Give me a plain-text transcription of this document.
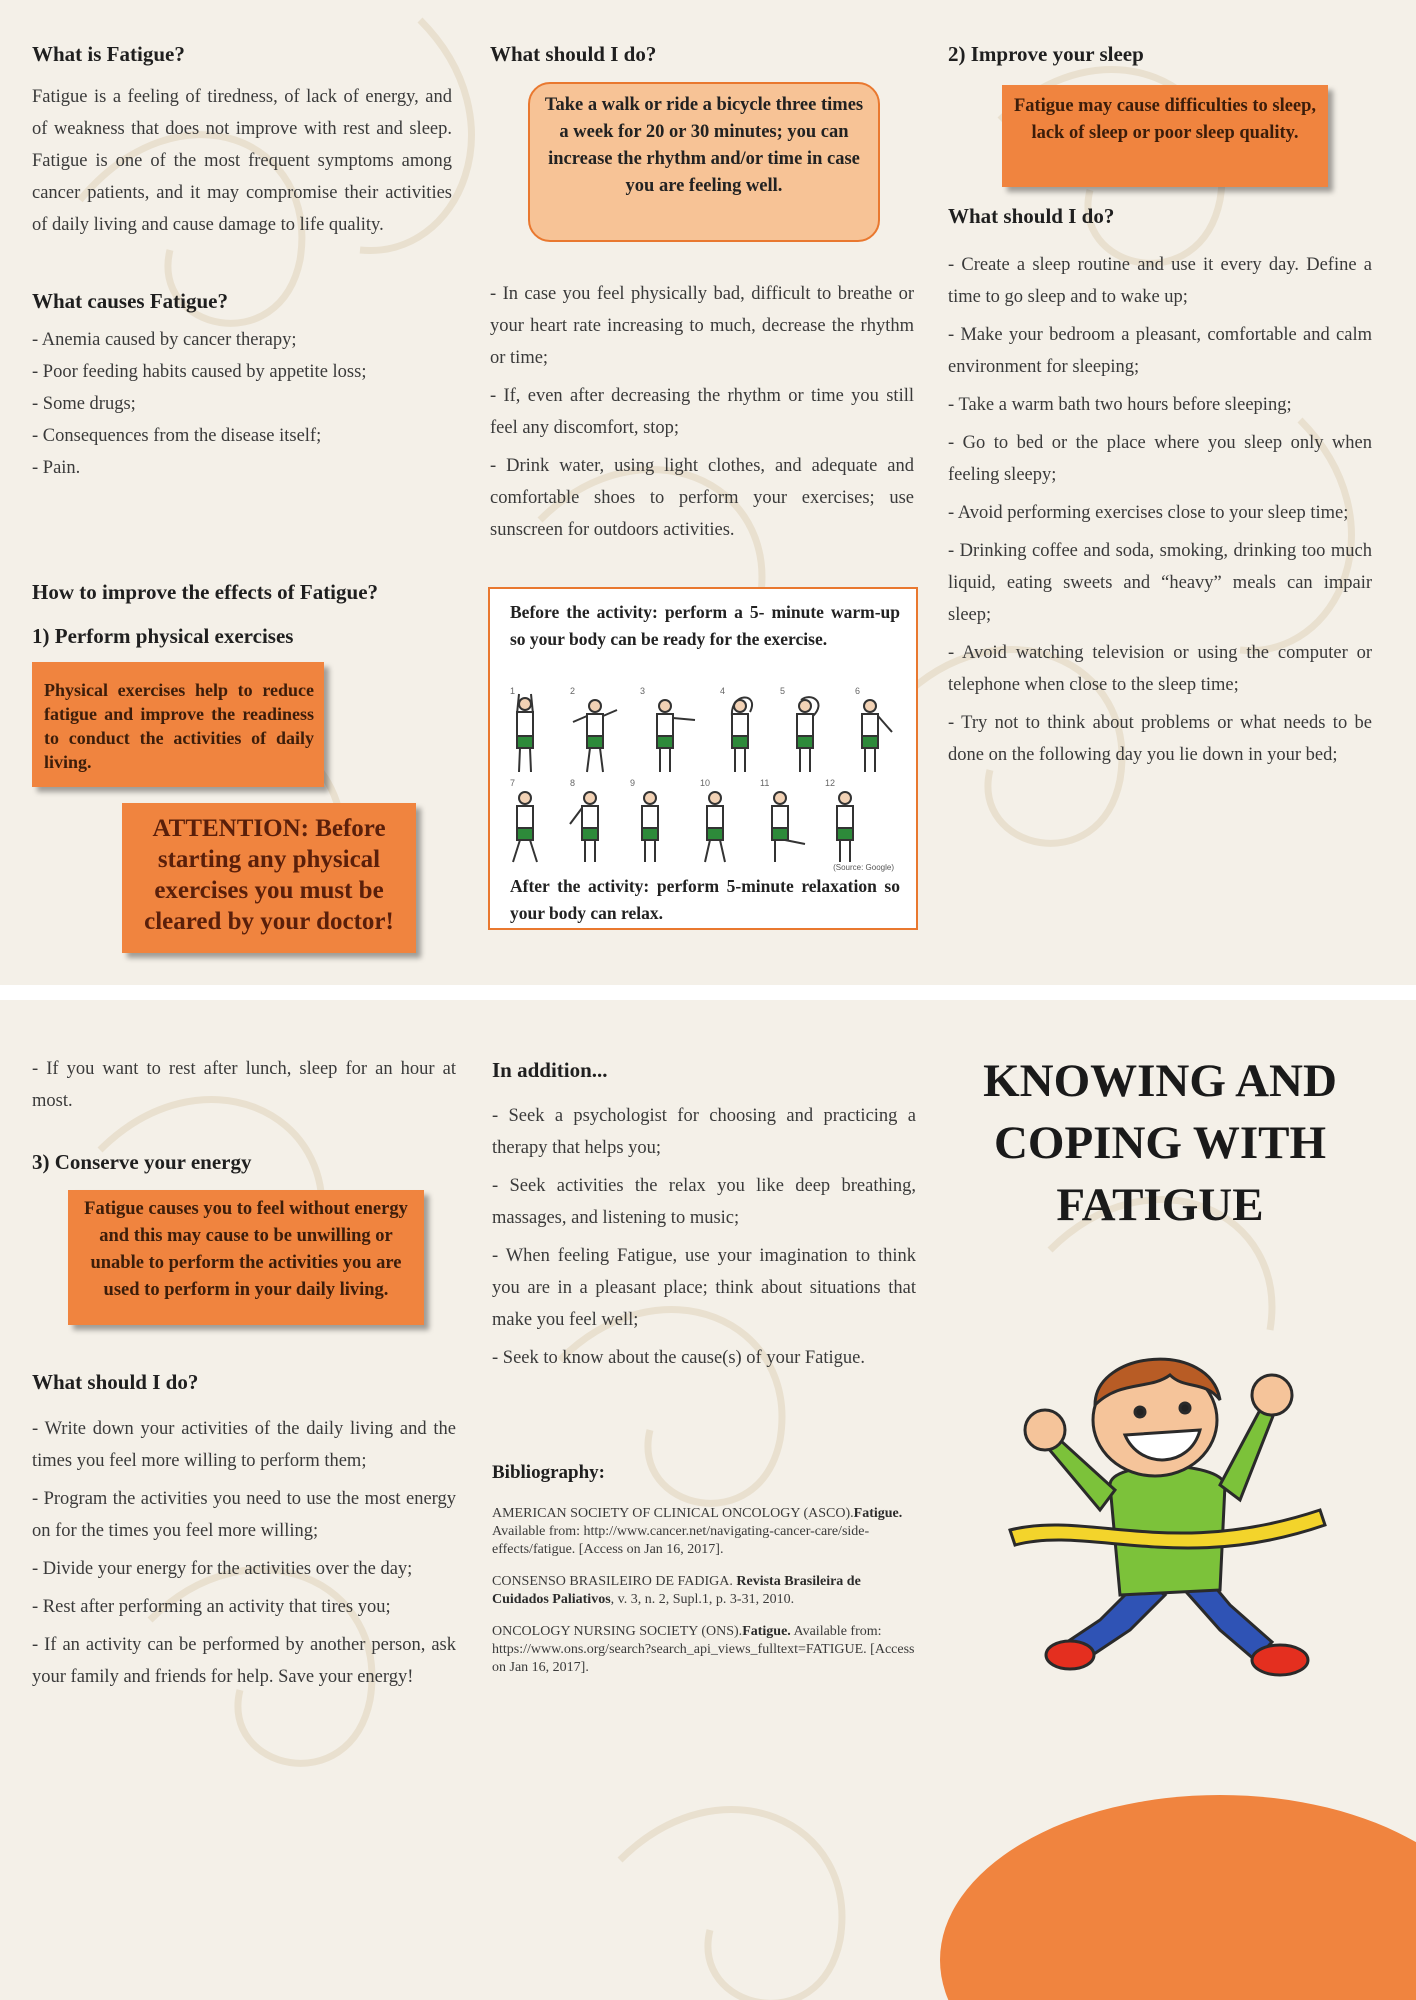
What is Fatigue?

Fatigue is a feeling of tiredness, of lack of energy, and of weakness that does not improve with rest and sleep. Fatigue is one of the most frequent symptoms among cancer patients, and it may compromise their activities of daily living and cause damage to life quality.

What causes Fatigue?

- Anemia caused by cancer therapy;

- Poor feeding habits caused by appetite loss;

- Some drugs;

- Consequences from the disease itself;

- Pain.

How to improve the effects of Fatigue?
1) Perform physical exercises
Physical exercises help to reduce fatigue and improve the readiness to conduct the activities of daily living.
ATTENTION: Before starting any physical exercises you must be cleared by your doctor!
What should I do?
Take a walk or ride a bicycle three times a week for 20 or 30 minutes; you can increase the rhythm and/or time in case you are feeling well.

- In case you feel physically bad, difficult to breathe or your heart rate increasing to much, decrease the rhythm or time;

- If, even after decreasing the rhythm or time you still feel any discomfort, stop;

- Drink water, using light clothes, and adequate and comfortable shoes to perform your exercises; use sunscreen for outdoors activities.

Before the activity: perform a 5- minute warm-up so your body can be ready for the exercise.
1	2	3	4	5	6
7	8	9	10	11	12
(Source: Google)
After the activity: perform 5-minute relaxation so your body can relax.
2) Improve your sleep
Fatigue may cause difficulties to sleep, lack of sleep or poor sleep quality.
What should I do?

- Create a sleep routine and use it every day. Define a time to go sleep and to wake up;

- Make your bedroom a pleasant, comfortable and calm environment for sleeping;

- Take a warm bath two hours before sleeping;

- Go to bed or the place where you sleep only when feeling sleepy;

- Avoid performing exercises close to your sleep time;

- Drinking coffee and soda, smoking, drinking too much liquid, eating sweets and “heavy” meals can impair sleep;

- Avoid watching television or using the computer or telephone when close to the sleep time;

- Try not to think about problems or what needs to be done on the following day you lie down in your bed;

- If you want to rest after lunch, sleep for an hour at most.

3) Conserve your energy
Fatigue causes you to feel without energy and this may cause to be unwilling or unable to perform the activities you are used to perform in your daily living.
What should I do?

- Write down your activities of the daily living and the times you feel more willing to perform them;

- Program the activities you need to use the most energy on for the times you feel more willing;

- Divide your energy for the activities over the day;

- Rest after performing an activity that tires you;

- If an activity can be performed by another person, ask your family and friends for help. Save your energy!

In addition...

- Seek a psychologist for choosing and practicing a therapy that helps you;

- Seek activities the relax you like deep breathing, massages, and listening to music;

- When feeling Fatigue, use your imagination to think you are in a pleasant place; think about situations that make you feel well;

- Seek to know about the cause(s) of your Fatigue.

Bibliography:

AMERICAN SOCIETY OF CLINICAL ONCOLOGY (ASCO).Fatigue. Available from: http://www.cancer.net/navigating-cancer-care/side-effects/fatigue. [Access on Jan 16, 2017].

CONSENSO BRASILEIRO DE FADIGA. Revista Brasileira de Cuidados Paliativos, v. 3, n. 2, Supl.1, p. 3-31, 2010.

ONCOLOGY NURSING SOCIETY (ONS).Fatigue. Available from: https://www.ons.org/search?search_api_views_fulltext=FATIGUE. [Access on Jan 16, 2017].

KNOWING AND
COPING WITH
FATIGUE
